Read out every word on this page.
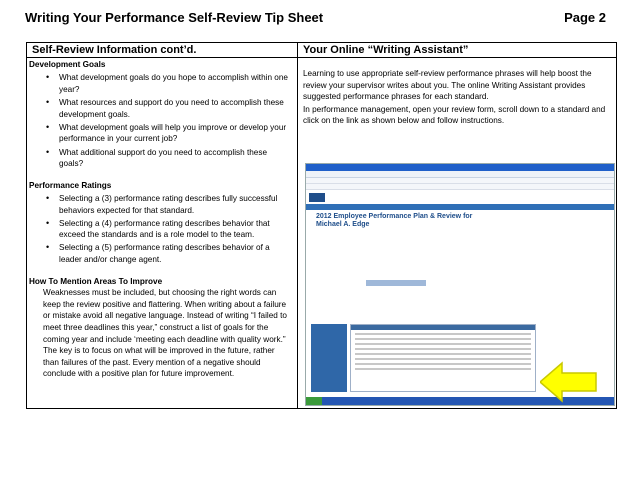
Writing Your Performance Self-Review Tip Sheet	Page 2
Self-Review Information cont’d.
Development Goals
• What development goals do you hope to accomplish within one year?
• What resources and support do you need to accomplish these development goals.
• What development goals will help you improve or develop your performance in your current job?
• What additional support do you need to accomplish these goals?
Performance Ratings
• Selecting a (3) performance rating describes fully successful behaviors expected for that standard.
• Selecting a (4) performance rating describes behavior that exceed the standards and is a role model to the team.
• Selecting a (5) performance rating describes behavior of a leader and/or change agent.
How To Mention Areas To Improve
Weaknesses must be included, but choosing the right words can keep the review positive and flattering. When writing about a failure or mistake avoid all negative language. Instead of writing “I failed to meet three deadlines this year,” construct a list of goals for the coming year and include ‘meeting each deadline with quality work.” The key is to focus on what will be improved in the future, rather than failures of the past. Every mention of a negative should conclude with a positive plan for future improvement.
Your Online “Writing Assistant”
Learning to use appropriate self-review performance phrases will help boost the review your supervisor writes about you. The online Writing Assistant provides suggested performance phrases for each standard.
In performance management, open your review form, scroll down to a standard and click on the link as shown below and follow instructions.
2012 Employee Performance Plan & Review for
Michael A. Edge
